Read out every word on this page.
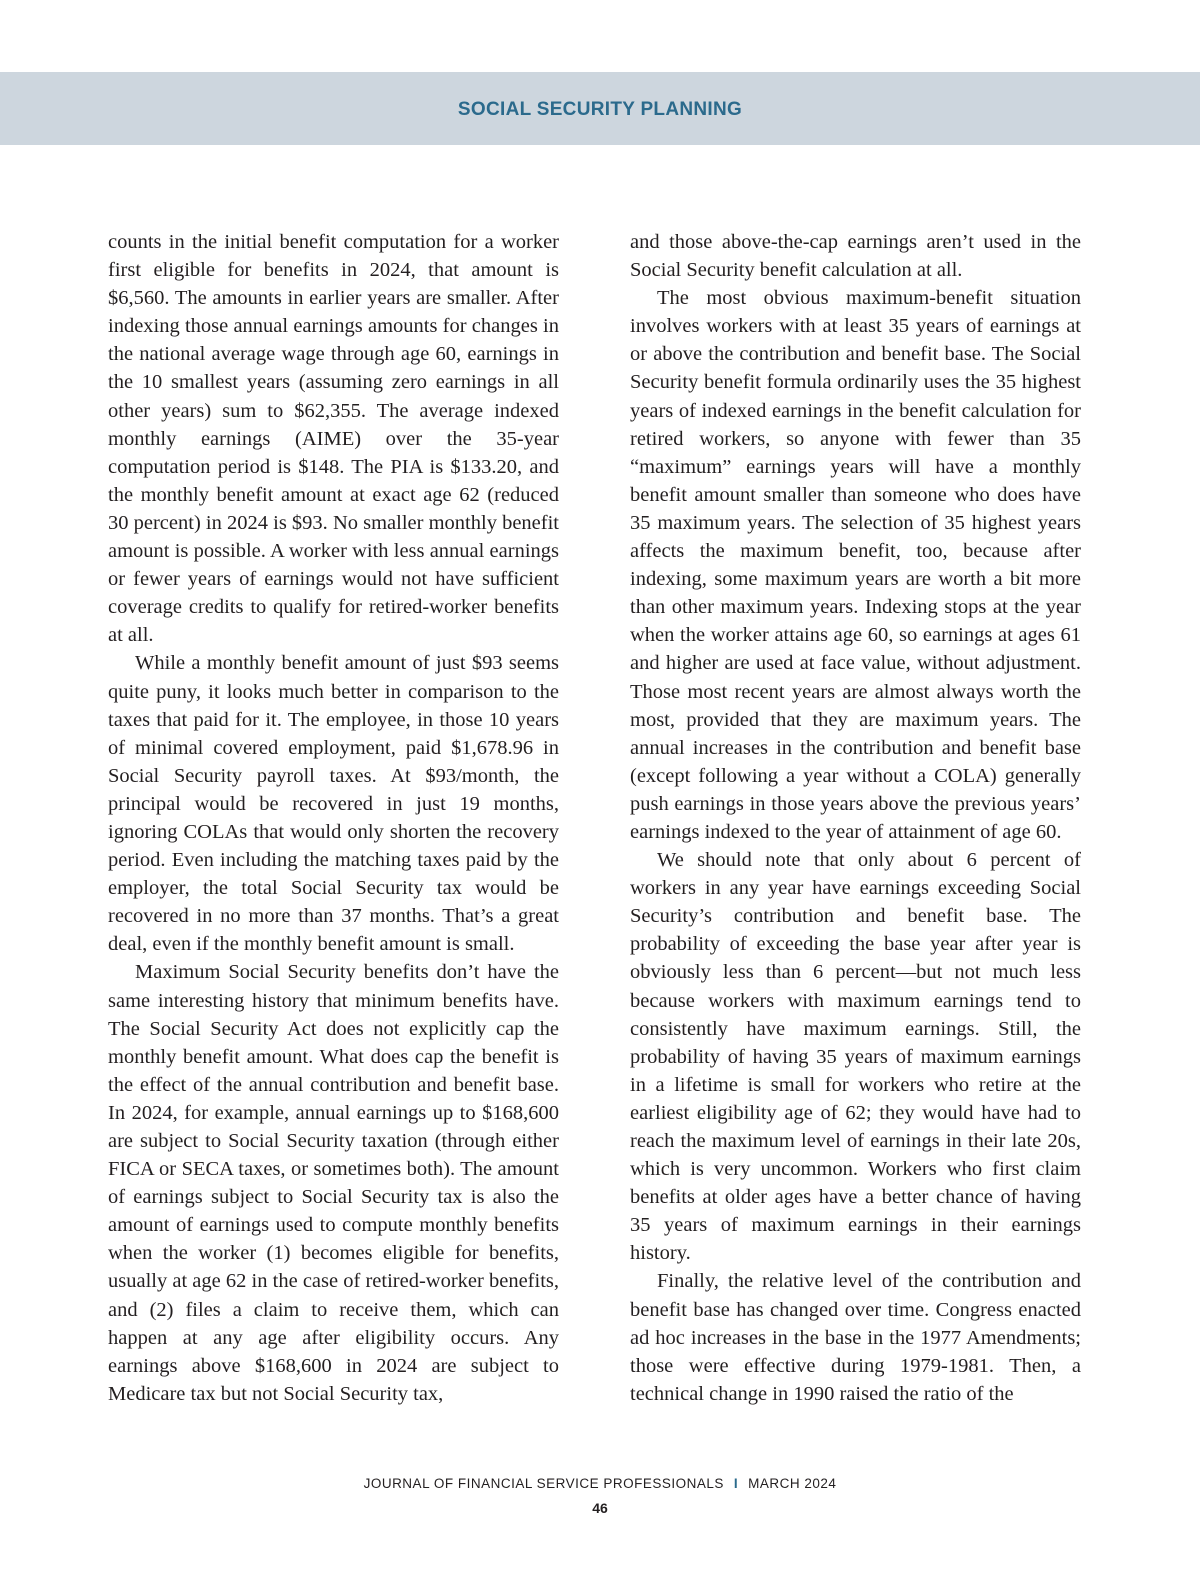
SOCIAL SECURITY PLANNING

counts in the initial benefit computation for a worker first eligible for benefits in 2024, that amount is $6,560. The amounts in earlier years are smaller. After indexing those annual earnings amounts for changes in the national average wage through age 60, earnings in the 10 smallest years (assuming zero earnings in all other years) sum to $62,355. The average indexed monthly earnings (AIME) over the 35-year computation period is $148. The PIA is $133.20, and the monthly benefit amount at exact age 62 (reduced 30 percent) in 2024 is $93. No smaller monthly benefit amount is possible. A worker with less annual earnings or fewer years of earnings would not have sufficient coverage credits to qualify for retired-worker benefits at all.

While a monthly benefit amount of just $93 seems quite puny, it looks much better in comparison to the taxes that paid for it. The employee, in those 10 years of minimal covered employment, paid $1,678.96 in Social Security payroll taxes. At $93/month, the principal would be recovered in just 19 months, ignoring COLAs that would only shorten the recovery period. Even including the matching taxes paid by the employer, the total Social Security tax would be recovered in no more than 37 months. That’s a great deal, even if the monthly benefit amount is small.

Maximum Social Security benefits don’t have the same interesting history that minimum benefits have. The Social Security Act does not explicitly cap the monthly benefit amount. What does cap the benefit is the effect of the annual contribution and benefit base. In 2024, for example, annual earnings up to $168,600 are subject to Social Security taxation (through either FICA or SECA taxes, or sometimes both). The amount of earnings subject to Social Security tax is also the amount of earnings used to compute monthly benefits when the worker (1) becomes eligible for benefits, usually at age 62 in the case of retired-worker benefits, and (2) files a claim to receive them, which can happen at any age after eligibility occurs. Any earnings above $168,600 in 2024 are subject to Medicare tax but not Social Security tax,

and those above-the-cap earnings aren’t used in the Social Security benefit calculation at all.

The most obvious maximum-benefit situation involves workers with at least 35 years of earnings at or above the contribution and benefit base. The Social Security benefit formula ordinarily uses the 35 highest years of indexed earnings in the benefit calculation for retired workers, so anyone with fewer than 35 “maximum” earnings years will have a monthly benefit amount smaller than someone who does have 35 maximum years. The selection of 35 highest years affects the maximum benefit, too, because after indexing, some maximum years are worth a bit more than other maximum years. Indexing stops at the year when the worker attains age 60, so earnings at ages 61 and higher are used at face value, without adjustment. Those most recent years are almost always worth the most, provided that they are maximum years. The annual increases in the contribution and benefit base (except following a year without a COLA) generally push earnings in those years above the previous years’ earnings indexed to the year of attainment of age 60.

We should note that only about 6 percent of workers in any year have earnings exceeding Social Security’s contribution and benefit base. The probability of exceeding the base year after year is obviously less than 6 percent—but not much less because workers with maximum earnings tend to consistently have maximum earnings. Still, the probability of having 35 years of maximum earnings in a lifetime is small for workers who retire at the earliest eligibility age of 62; they would have had to reach the maximum level of earnings in their late 20s, which is very uncommon. Workers who first claim benefits at older ages have a better chance of having 35 years of maximum earnings in their earnings history.

Finally, the relative level of the contribution and benefit base has changed over time. Congress enacted ad hoc increases in the base in the 1977 Amendments; those were effective during 1979-1981. Then, a technical change in 1990 raised the ratio of the

JOURNAL OF FINANCIAL SERVICE PROFESSIONALS I MARCH 2024
46
